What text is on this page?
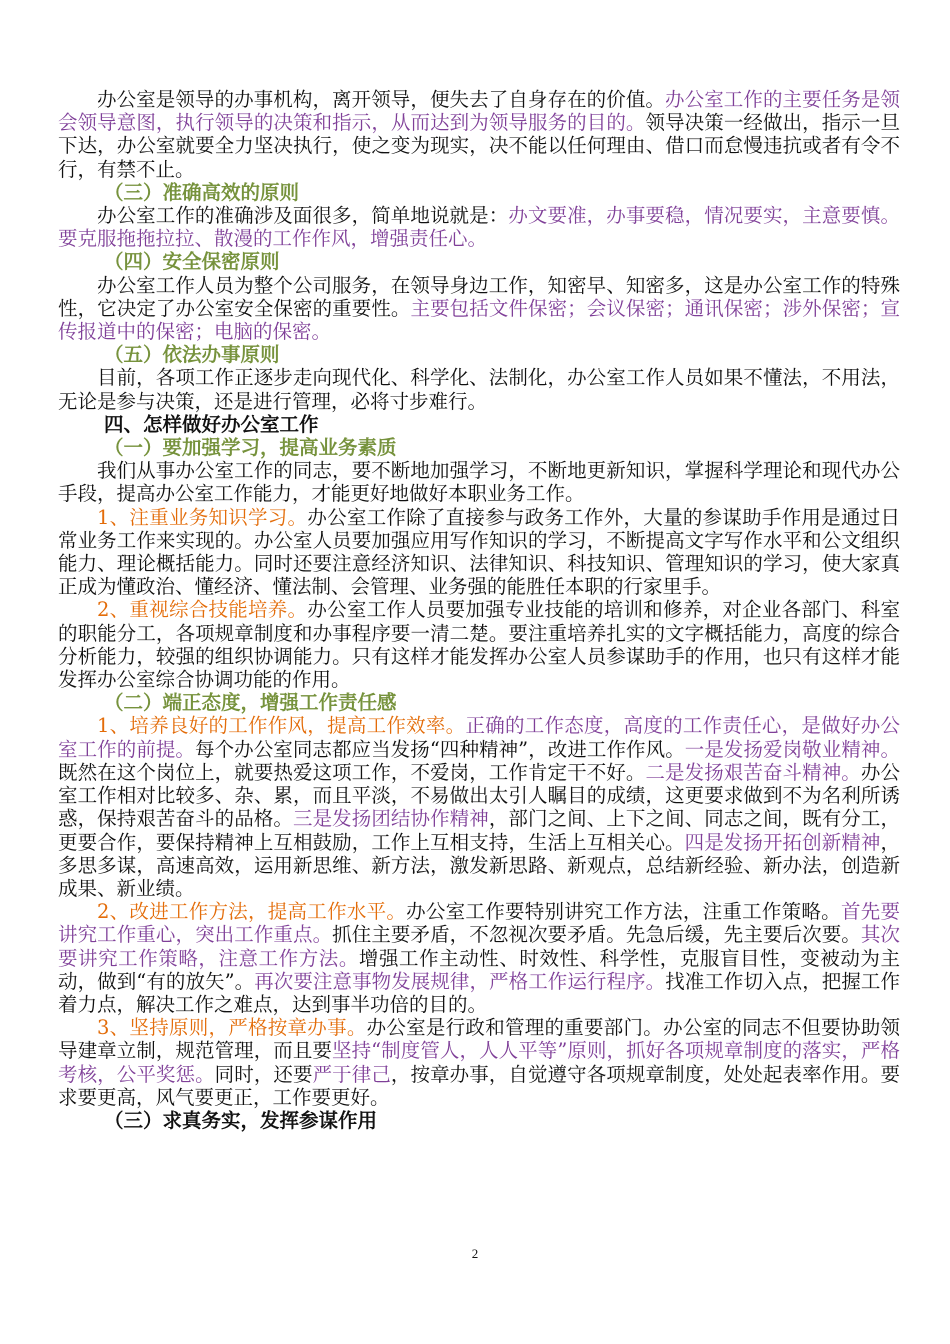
办公室是领导的办事机构，离开领导，便失去了自身存在的价值。办公室工作的主要任务是领会领导意图，执行领导的决策和指示，从而达到为领导服务的目的。领导决策一经做出，指示一旦下达，办公室就要全力坚决执行，使之变为现实，决不能以任何理由、借口而怠慢违抗或者有令不行，有禁不止。

（三）准确高效的原则

办公室工作的准确涉及面很多，简单地说就是：办文要准，办事要稳，情况要实，主意要慎。要克服拖拖拉拉、散漫的工作作风，增强责任心。

（四）安全保密原则

办公室工作人员为整个公司服务，在领导身边工作，知密早、知密多，这是办公室工作的特殊性，它决定了办公室安全保密的重要性。主要包括文件保密；会议保密；通讯保密；涉外保密；宣传报道中的保密；电脑的保密。

（五）依法办事原则

目前，各项工作正逐步走向现代化、科学化、法制化，办公室工作人员如果不懂法，不用法，无论是参与决策，还是进行管理，必将寸步难行。

四、怎样做好办公室工作

（一）要加强学习，提高业务素质

我们从事办公室工作的同志，要不断地加强学习，不断地更新知识，掌握科学理论和现代办公手段，提高办公室工作能力，才能更好地做好本职业务工作。

1、注重业务知识学习。办公室工作除了直接参与政务工作外，大量的参谋助手作用是通过日常业务工作来实现的。办公室人员要加强应用写作知识的学习，不断提高文字写作水平和公文组织能力、理论概括能力。同时还要注意经济知识、法律知识、科技知识、管理知识的学习，使大家真正成为懂政治、懂经济、懂法制、会管理、业务强的能胜任本职的行家里手。

2、重视综合技能培养。办公室工作人员要加强专业技能的培训和修养，对企业各部门、科室的职能分工，各项规章制度和办事程序要一清二楚。要注重培养扎实的文字概括能力，高度的综合分析能力，较强的组织协调能力。只有这样才能发挥办公室人员参谋助手的作用，也只有这样才能发挥办公室综合协调功能的作用。

（二）端正态度，增强工作责任感

1、培养良好的工作作风，提高工作效率。正确的工作态度，高度的工作责任心，是做好办公室工作的前提。每个办公室同志都应当发扬“四种精神”，改进工作作风。一是发扬爱岗敬业精神。既然在这个岗位上，就要热爱这项工作，不爱岗，工作肯定干不好。二是发扬艰苦奋斗精神。办公室工作相对比较多、杂、累，而且平淡，不易做出太引人瞩目的成绩，这更要求做到不为名利所诱惑，保持艰苦奋斗的品格。三是发扬团结协作精神，部门之间、上下之间、同志之间，既有分工，更要合作，要保持精神上互相鼓励，工作上互相支持，生活上互相关心。四是发扬开拓创新精神，多思多谋，高速高效，运用新思维、新方法，激发新思路、新观点，总结新经验、新办法，创造新成果、新业绩。

2、改进工作方法，提高工作水平。办公室工作要特别讲究工作方法，注重工作策略。首先要讲究工作重心，突出工作重点。抓住主要矛盾，不忽视次要矛盾。先急后缓，先主要后次要。其次要讲究工作策略，注意工作方法。增强工作主动性、时效性、科学性，克服盲目性，变被动为主动，做到“有的放矢”。再次要注意事物发展规律，严格工作运行程序。找准工作切入点，把握工作着力点，解决工作之难点，达到事半功倍的目的。

3、坚持原则，严格按章办事。办公室是行政和管理的重要部门。办公室的同志不但要协助领导建章立制，规范管理，而且要坚持“制度管人，人人平等”原则，抓好各项规章制度的落实，严格考核，公平奖惩。同时，还要严于律己，按章办事，自觉遵守各项规章制度，处处起表率作用。要求要更高，风气要更正，工作要更好。

（三）求真务实，发挥参谋作用

2
